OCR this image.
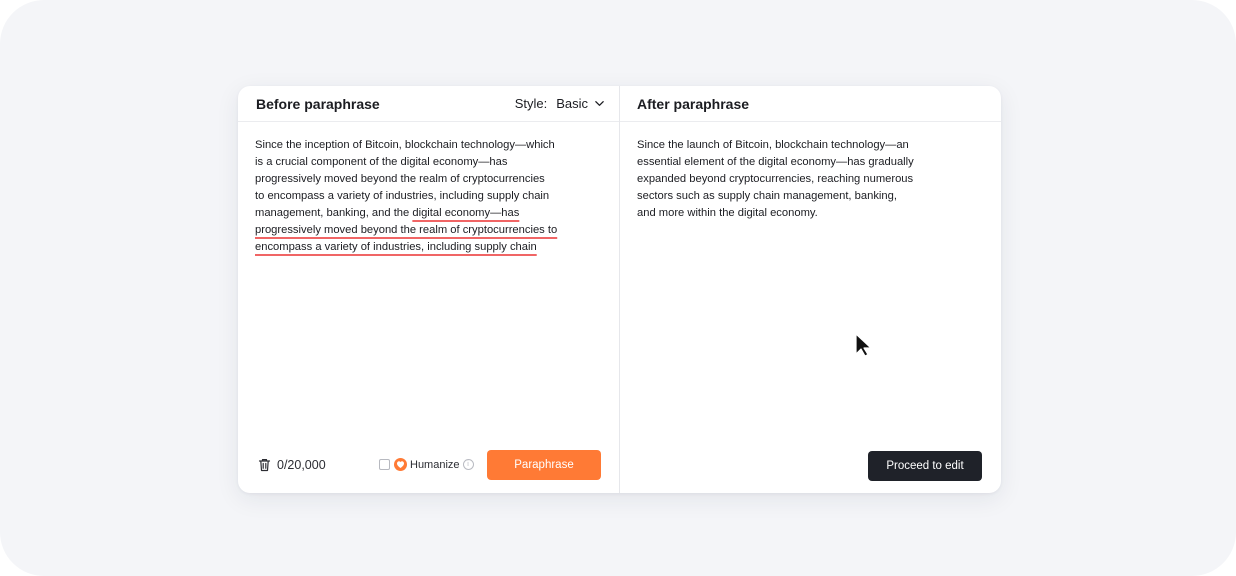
Before paraphrase	Style: Basic
Since the inception of Bitcoin, blockchain technology—which
is a crucial component of the digital economy—has
progressively moved beyond the realm of cryptocurrencies
to encompass a variety of industries, including supply chain
management, banking, and the digital economy—has
progressively moved beyond the realm of cryptocurrencies to
encompass a variety of industries, including supply chain
0/20,000	Humanize	i	Paraphrase
After paraphrase
Since the launch of Bitcoin, blockchain technology—an
essential element of the digital economy—has gradually
expanded beyond cryptocurrencies, reaching numerous
sectors such as supply chain management, banking,
and more within the digital economy.
Proceed to edit
